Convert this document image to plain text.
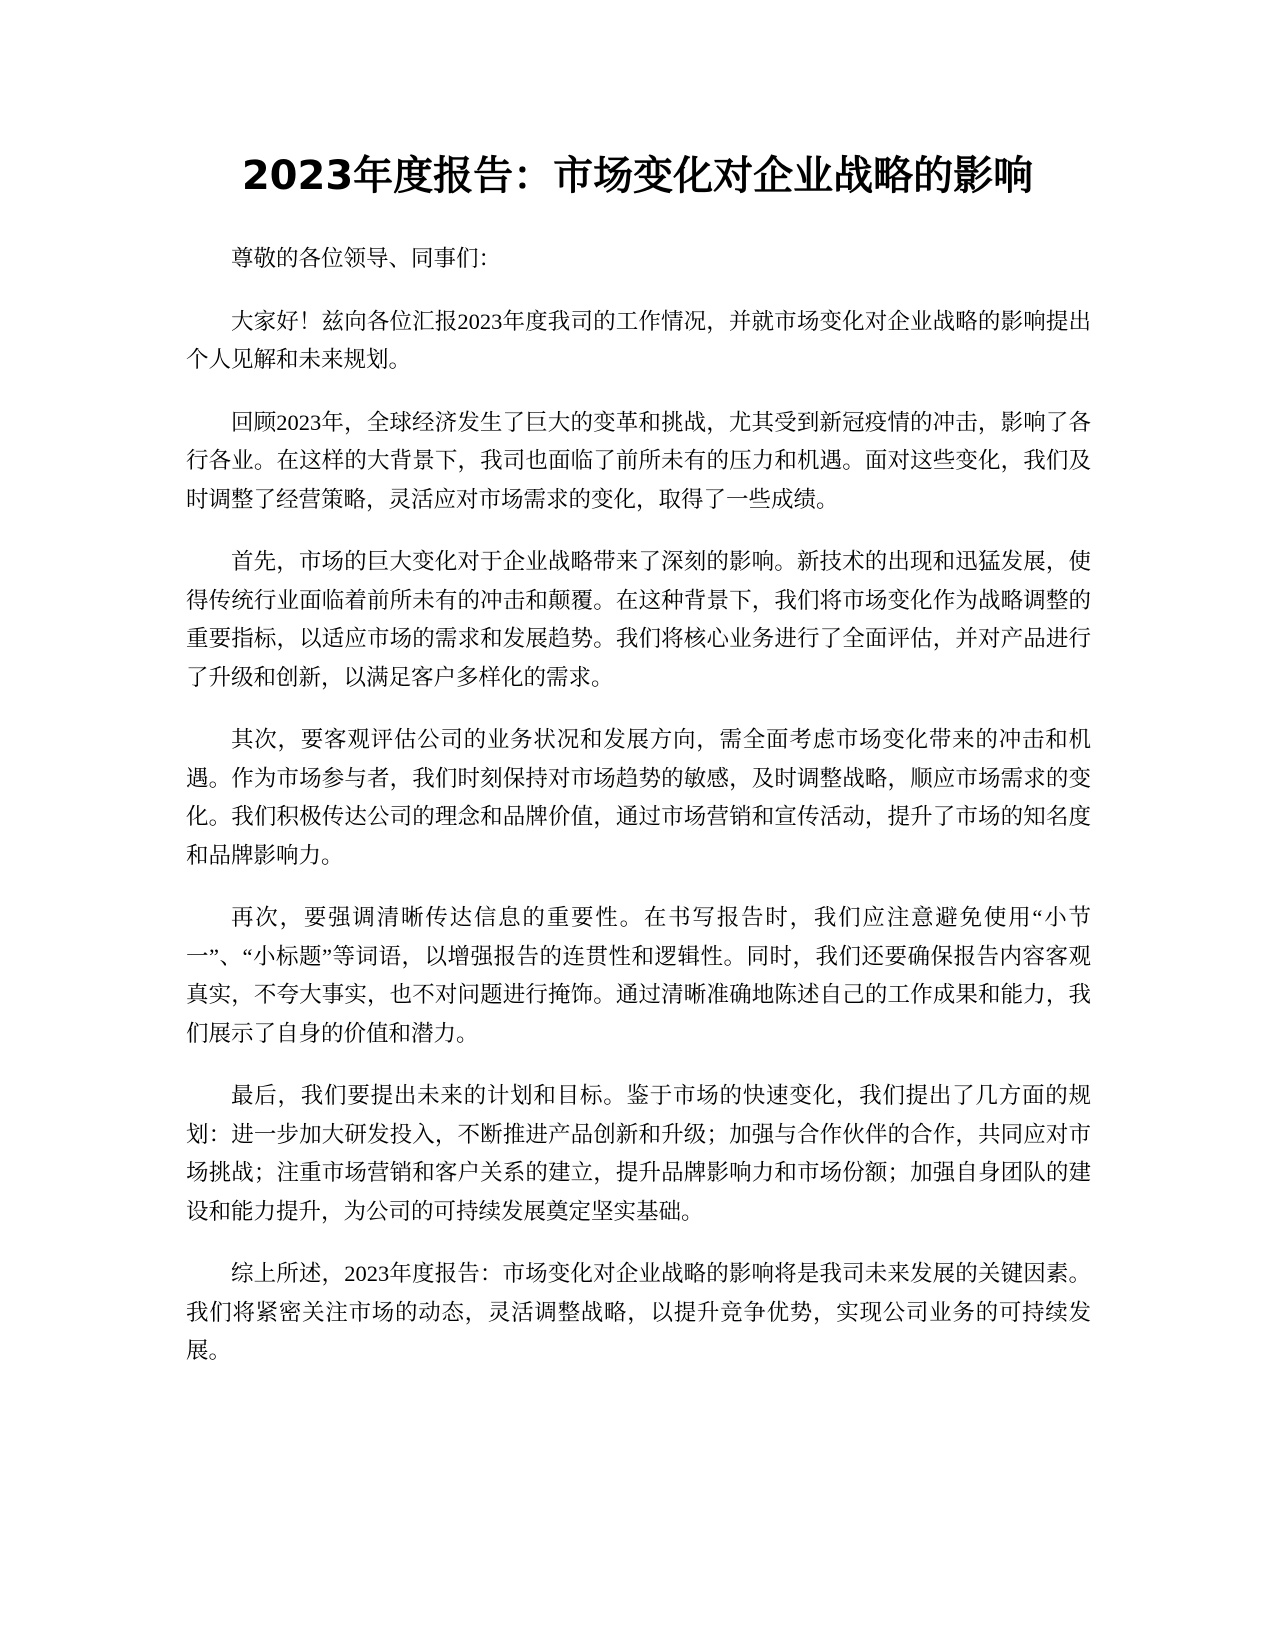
2023年度报告：市场变化对企业战略的影响

尊敬的各位领导、同事们：

大家好！兹向各位汇报2023年度我司的工作情况，并就市场变化对企业战略的影响提出个人见解和未来规划。

回顾2023年，全球经济发生了巨大的变革和挑战，尤其受到新冠疫情的冲击，影响了各行各业。在这样的大背景下，我司也面临了前所未有的压力和机遇。面对这些变化，我们及时调整了经营策略，灵活应对市场需求的变化，取得了一些成绩。

首先，市场的巨大变化对于企业战略带来了深刻的影响。新技术的出现和迅猛发展，使得传统行业面临着前所未有的冲击和颠覆。在这种背景下，我们将市场变化作为战略调整的重要指标，以适应市场的需求和发展趋势。我们将核心业务进行了全面评估，并对产品进行了升级和创新，以满足客户多样化的需求。

其次，要客观评估公司的业务状况和发展方向，需全面考虑市场变化带来的冲击和机遇。作为市场参与者，我们时刻保持对市场趋势的敏感，及时调整战略，顺应市场需求的变化。我们积极传达公司的理念和品牌价值，通过市场营销和宣传活动，提升了市场的知名度和品牌影响力。

再次，要强调清晰传达信息的重要性。在书写报告时，我们应注意避免使用“小节一”、“小标题”等词语，以增强报告的连贯性和逻辑性。同时，我们还要确保报告内容客观真实，不夸大事实，也不对问题进行掩饰。通过清晰准确地陈述自己的工作成果和能力，我们展示了自身的价值和潜力。

最后，我们要提出未来的计划和目标。鉴于市场的快速变化，我们提出了几方面的规划：进一步加大研发投入，不断推进产品创新和升级；加强与合作伙伴的合作，共同应对市场挑战；注重市场营销和客户关系的建立，提升品牌影响力和市场份额；加强自身团队的建设和能力提升，为公司的可持续发展奠定坚实基础。

综上所述，2023年度报告：市场变化对企业战略的影响将是我司未来发展的关键因素。我们将紧密关注市场的动态，灵活调整战略，以提升竞争优势，实现公司业务的可持续发展。
